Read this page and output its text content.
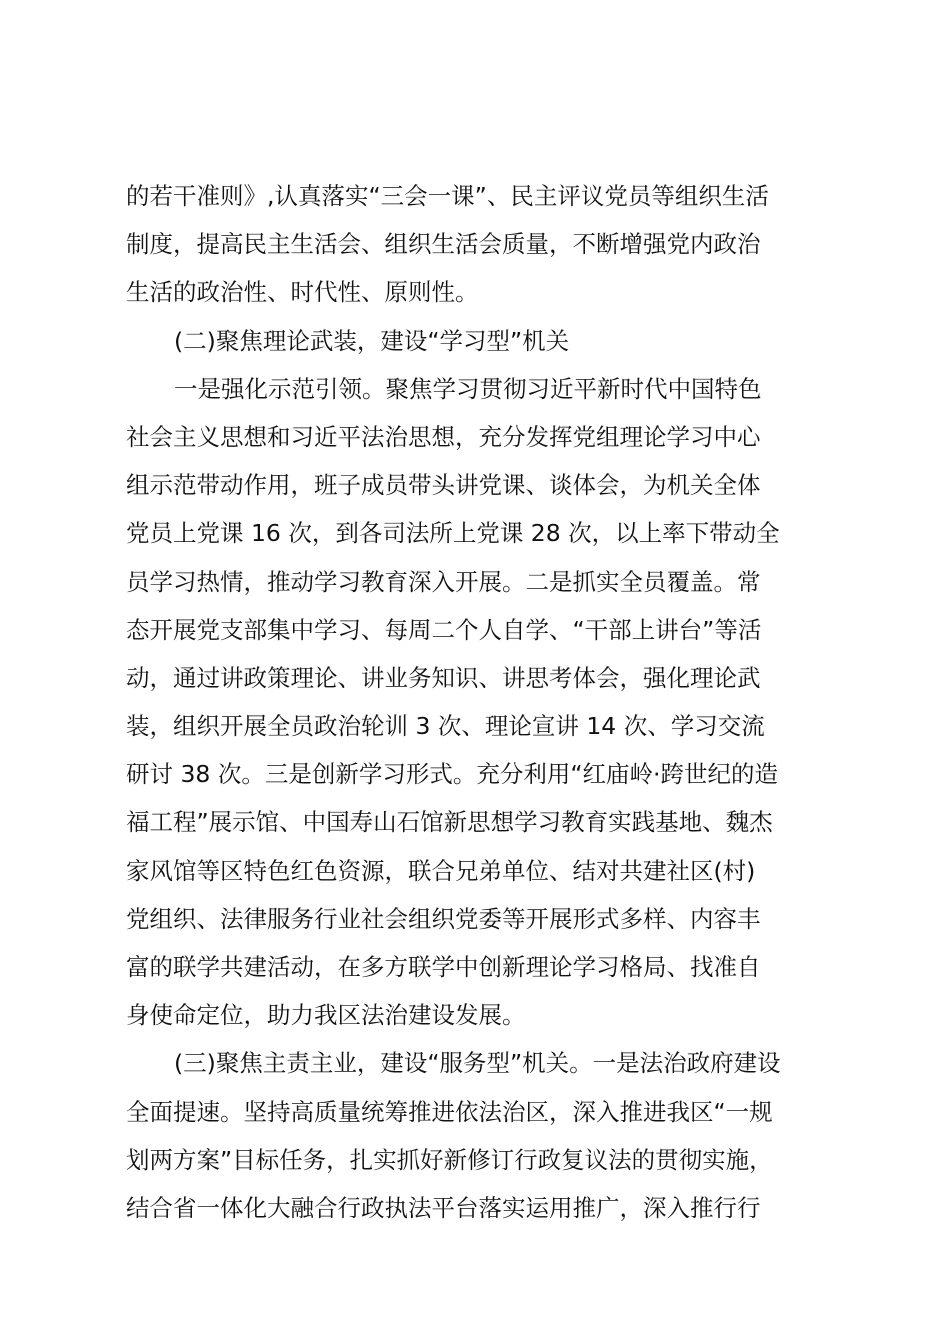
的若干准则》,认真落实“三会一课”、民主评议党员等组织生活
制度，提高民主生活会、组织生活会质量，不断增强党内政治
生活的政治性、时代性、原则性。
(二)聚焦理论武装，建设“学习型”机关
一是强化示范引领。聚焦学习贯彻习近平新时代中国特色
社会主义思想和习近平法治思想，充分发挥党组理论学习中心
组示范带动作用，班子成员带头讲党课、谈体会，为机关全体
党员上党课 16 次，到各司法所上党课 28 次，以上率下带动全
员学习热情，推动学习教育深入开展。二是抓实全员覆盖。常
态开展党支部集中学习、每周二个人自学、“干部上讲台”等活
动，通过讲政策理论、讲业务知识、讲思考体会，强化理论武
装，组织开展全员政治轮训 3 次、理论宣讲 14 次、学习交流
研讨 38 次。三是创新学习形式。充分利用“红庙岭·跨世纪的造
福工程”展示馆、中国寿山石馆新思想学习教育实践基地、魏杰
家风馆等区特色红色资源，联合兄弟单位、结对共建社区(村)
党组织、法律服务行业社会组织党委等开展形式多样、内容丰
富的联学共建活动，在多方联学中创新理论学习格局、找准自
身使命定位，助力我区法治建设发展。
(三)聚焦主责主业，建设“服务型”机关。一是法治政府建设
全面提速。坚持高质量统筹推进依法治区，深入推进我区“一规
划两方案”目标任务，扎实抓好新修订行政复议法的贯彻实施，
结合省一体化大融合行政执法平台落实运用推广，深入推行行
